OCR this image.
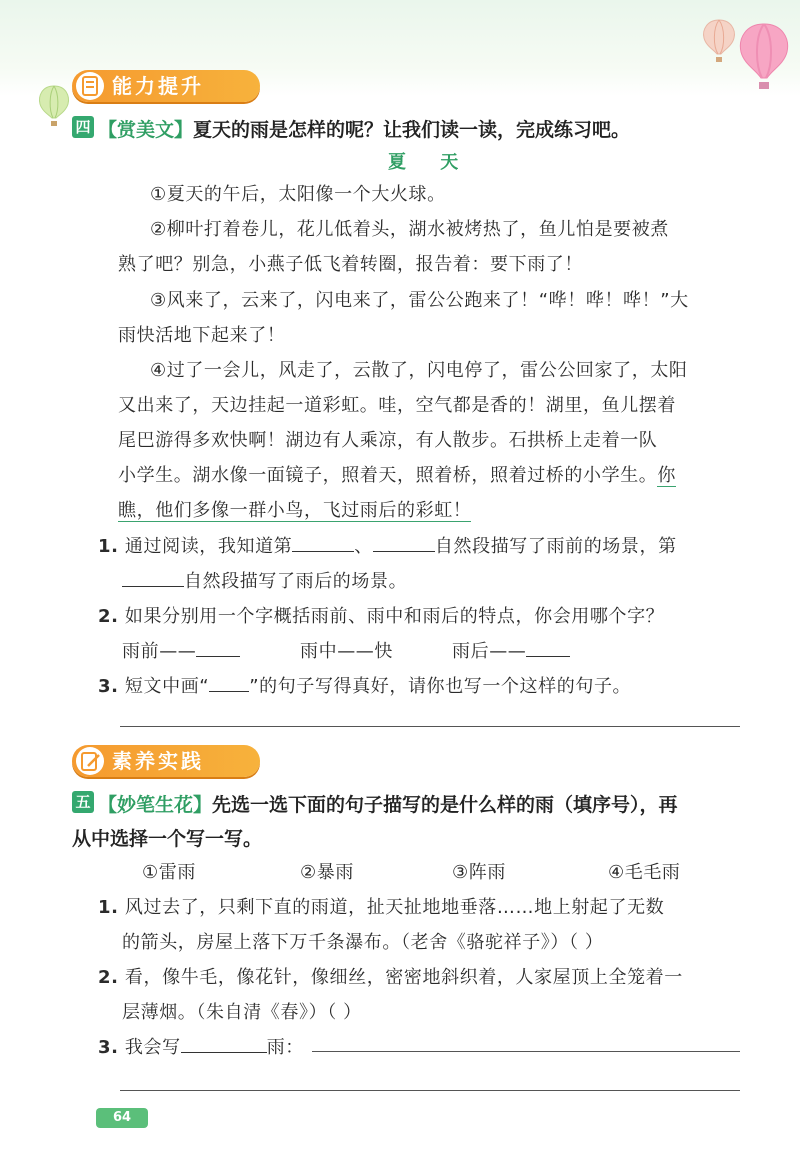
能力提升
四 【赏美文】夏天的雨是怎样的呢？让我们读一读，完成练习吧。
夏 天
①夏天的午后，太阳像一个大火球。
②柳叶打着卷儿，花儿低着头，湖水被烤热了，鱼儿怕是要被煮
熟了吧？别急，小燕子低飞着转圈，报告着：要下雨了！
③风来了，云来了，闪电来了，雷公公跑来了！“哗！哗！哗！”大
雨快活地下起来了！
④过了一会儿，风走了，云散了，闪电停了，雷公公回家了，太阳
又出来了，天边挂起一道彩虹。哇，空气都是香的！湖里，鱼儿摆着
尾巴游得多欢快啊！湖边有人乘凉，有人散步。石拱桥上走着一队
小学生。湖水像一面镜子，照着天，照着桥，照着过桥的小学生。你
瞧，他们多像一群小鸟，飞过雨后的彩虹！
1. 通过阅读，我知道第	、	自然段描写了雨前的场景，第
自然段描写了雨后的场景。
2. 如果分别用一个字概括雨前、雨中和雨后的特点，你会用哪个字？
雨前——	雨中——快	雨后——
3. 短文中画“ ”的句子写得真好，请你也写一个这样的句子。
素养实践
五 【妙笔生花】先选一选下面的句子描写的是什么样的雨（填序号），再
从中选择一个写一写。
①雷雨	②暴雨	③阵雨	④毛毛雨
1. 风过去了，只剩下直的雨道，扯天扯地地垂落……地上射起了无数
的箭头，房屋上落下万千条瀑布。（老舍《骆驼祥子》）（ ）
2. 看，像牛毛，像花针，像细丝，密密地斜织着，人家屋顶上全笼着一
层薄烟。（朱自清《春》）（ ）
3. 我会写	雨：
64
